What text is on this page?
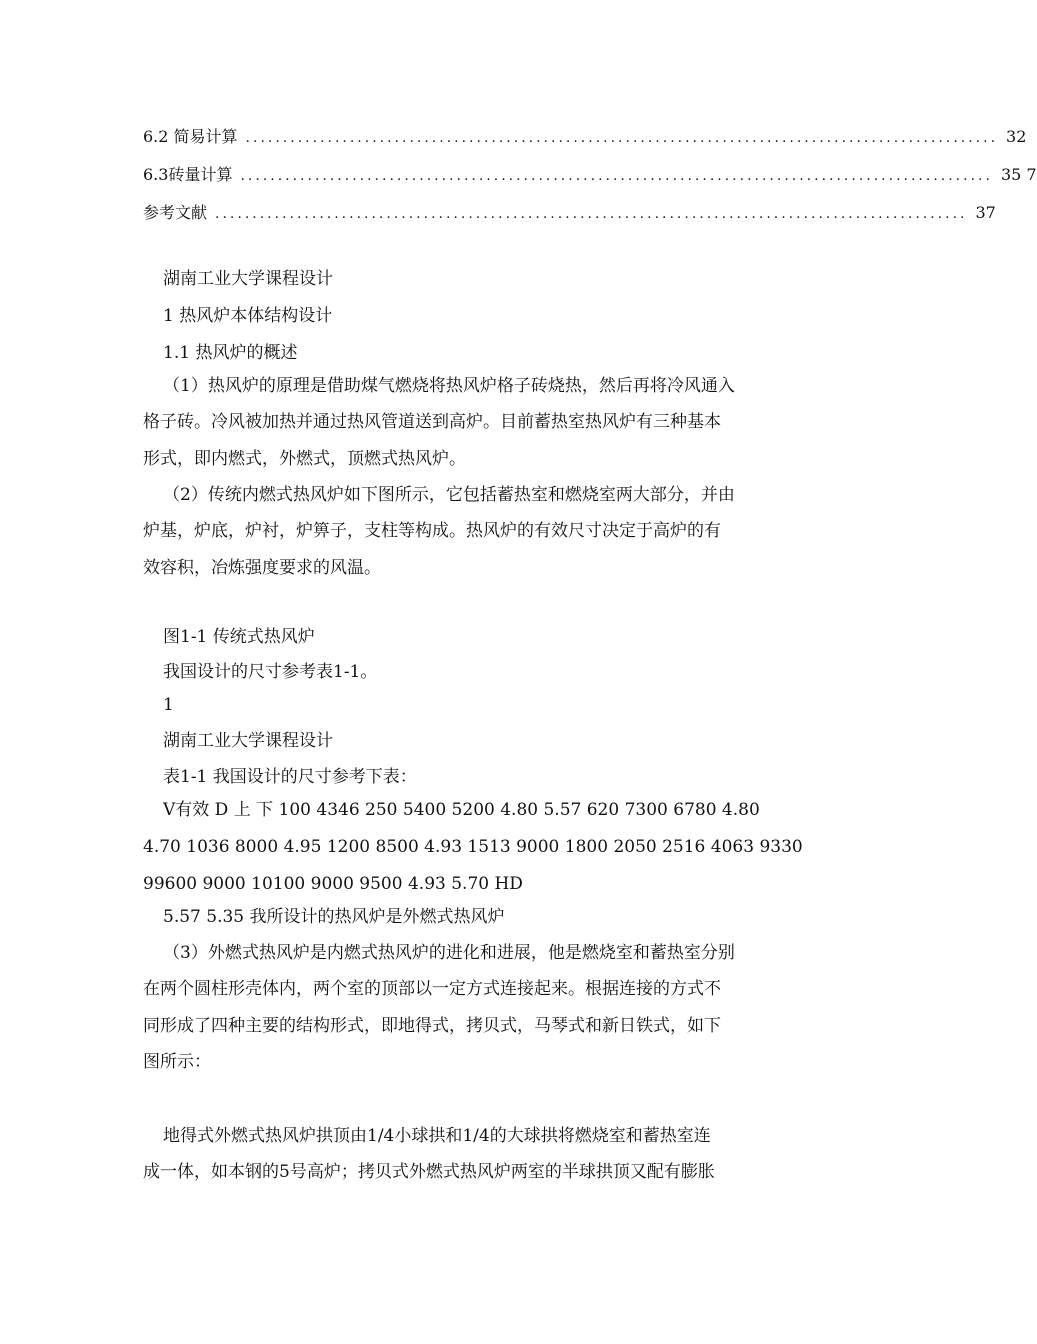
6.2 简易计算 ..................................................................................................... 32
6.3砖量计算 ..................................................................................................... 35 7
参考文献 ..................................................................................................... 37
湖南工业大学课程设计
1 热风炉本体结构设计
1.1 热风炉的概述
（1）热风炉的原理是借助煤气燃烧将热风炉格子砖烧热，然后再将冷风通入
格子砖。冷风被加热并通过热风管道送到高炉。目前蓄热室热风炉有三种基本
形式，即内燃式，外燃式，顶燃式热风炉。
（2）传统内燃式热风炉如下图所示，它包括蓄热室和燃烧室两大部分，并由
炉基，炉底，炉衬，炉箅子，支柱等构成。热风炉的有效尺寸决定于高炉的有
效容积，冶炼强度要求的风温。
图1-1 传统式热风炉
我国设计的尺寸参考表1-1。
1
湖南工业大学课程设计
表1-1 我国设计的尺寸参考下表：
V有效 D 上 下 100 4346 250 5400 5200 4.80 5.57 620 7300 6780 4.80
4.70 1036 8000 4.95 1200 8500 4.93 1513 9000 1800 2050 2516 4063 9330
99600 9000 10100 9000 9500 4.93 5.70 HD
5.57 5.35 我所设计的热风炉是外燃式热风炉
（3）外燃式热风炉是内燃式热风炉的进化和进展，他是燃烧室和蓄热室分别
在两个圆柱形壳体内，两个室的顶部以一定方式连接起来。根据连接的方式不
同形成了四种主要的结构形式，即地得式，拷贝式，马琴式和新日铁式，如下
图所示：
地得式外燃式热风炉拱顶由1/4小球拱和1/4的大球拱将燃烧室和蓄热室连
成一体，如本钢的5号高炉；拷贝式外燃式热风炉两室的半球拱顶又配有膨胀
